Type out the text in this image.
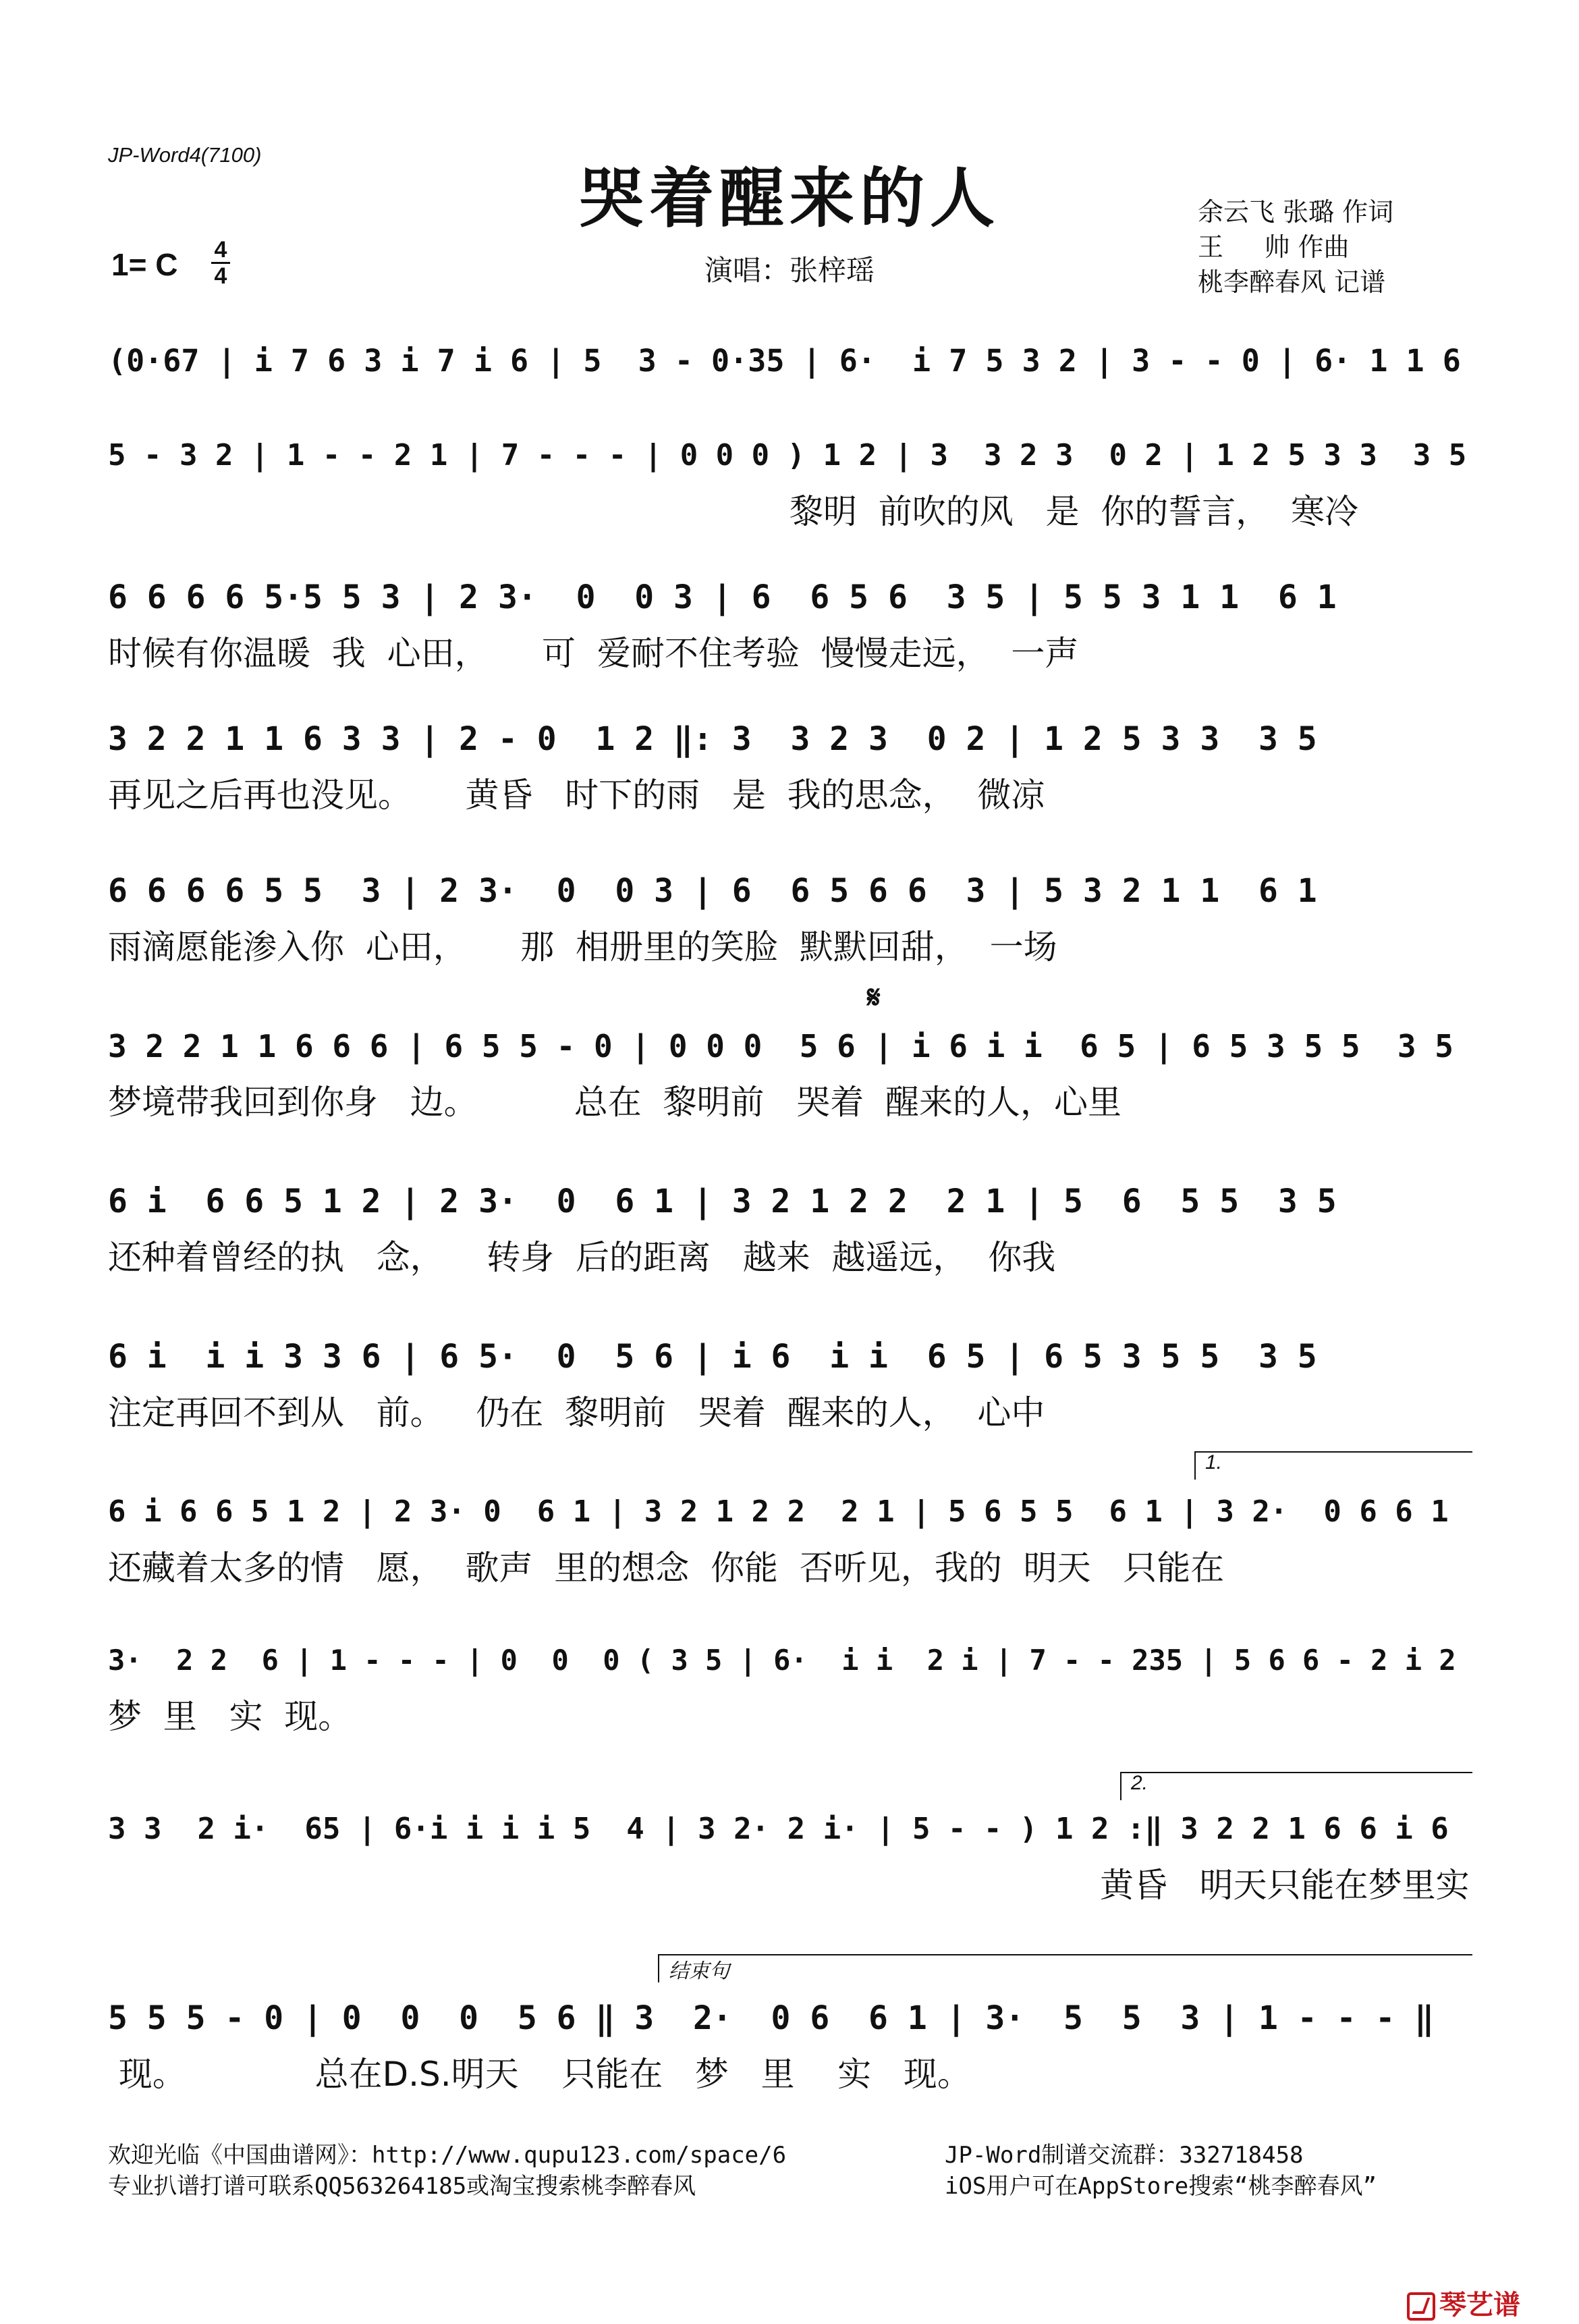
JP-Word4(7100)
哭着醒来的人	余云飞 张璐 作词
王     帅 作曲
桃李醉春风 记谱
1= C 4
4	演唱：张梓瑶
(0·67 | i 7 6 3 i 7 i 6 | 5  3 - 0·35 | 6·  i 7 5 3 2 | 3 - - 0 | 6· 1 1 6
5 - 3 2 | 1 - - 2 1 | 7 - - - | 0 0 0 ) 1 2 | 3  3 2 3  0 2 | 1 2 5 3 3  3 5
黎明  前吹的风   是  你的誓言，  寒冷
6 6 6 6 5·5 5 3 | 2 3·  0  0 3 | 6  6 5 6  3 5 | 5 5 3 1 1  6 1
时候有你温暖  我  心田，     可  爱耐不住考验  慢慢走远，  一声
3 2 2 1 1 6 3 3 | 2 - 0  1 2 ‖: 3  3 2 3  0 2 | 1 2 5 3 3  3 5
再见之后再也没见。     黄昏   时下的雨   是  我的思念，  微凉
6 6 6 6 5 5  3 | 2 3·  0  0 3 | 6  6 5 6 6  3 | 5 3 2 1 1  6 1
雨滴愿能渗入你  心田，     那  相册里的笑脸  默默回甜，  一场
𝄋
3 2 2 1 1 6 6 6 | 6 5 5 - 0 | 0 0 0  5 6 | i 6 i i  6 5 | 6 5 3 5 5  3 5
梦境带我回到你身   边。         总在  黎明前   哭着  醒来的人，心里
6 i  6 6 5 1 2 | 2 3·  0  6 1 | 3 2 1 2 2  2 1 | 5  6  5 5  3 5
还种着曾经的执   念，    转身  后的距离   越来  越遥远，  你我
6 i  i i 3 3 6 | 6 5·  0  5 6 | i 6  i i  6 5 | 6 5 3 5 5  3 5
注定再回不到从   前。   仍在  黎明前   哭着  醒来的人，  心中
1.
6 i 6 6 5 1 2 | 2 3· 0  6 1 | 3 2 1 2 2  2 1 | 5 6 5 5  6 1 | 3 2·  0 6 6 1
还藏着太多的情   愿，  歌声  里的想念  你能  否听见，我的  明天   只能在
3·  2 2  6 | 1 - - - | 0  0  0 ( 3 5 | 6·  i i  2 i | 7 - - 235 | 5 6 6 - 2 i 2
梦  里   实  现。
2.
3 3  2 i·  65 | 6·i i i i 5  4 | 3 2· 2 i· | 5 - - ) 1 2 :‖ 3 2 2 1 6 6 i 6
黄昏   明天只能在梦里实
结束句
5 5 5 - 0 | 0  0  0  5 6 ‖ 3  2·  0 6  6 1 | 3·  5  5  3 | 1 - - - ‖
现。            总在D.S.明天    只能在   梦   里    实   现。
欢迎光临《中国曲谱网》：http://www.qupu123.com/space/6
专业扒谱打谱可联系QQ563264185或淘宝搜索桃李醉春风
JP-Word制谱交流群：332718458
iOS用户可在AppStore搜索“桃李醉春风”
琴艺谱
